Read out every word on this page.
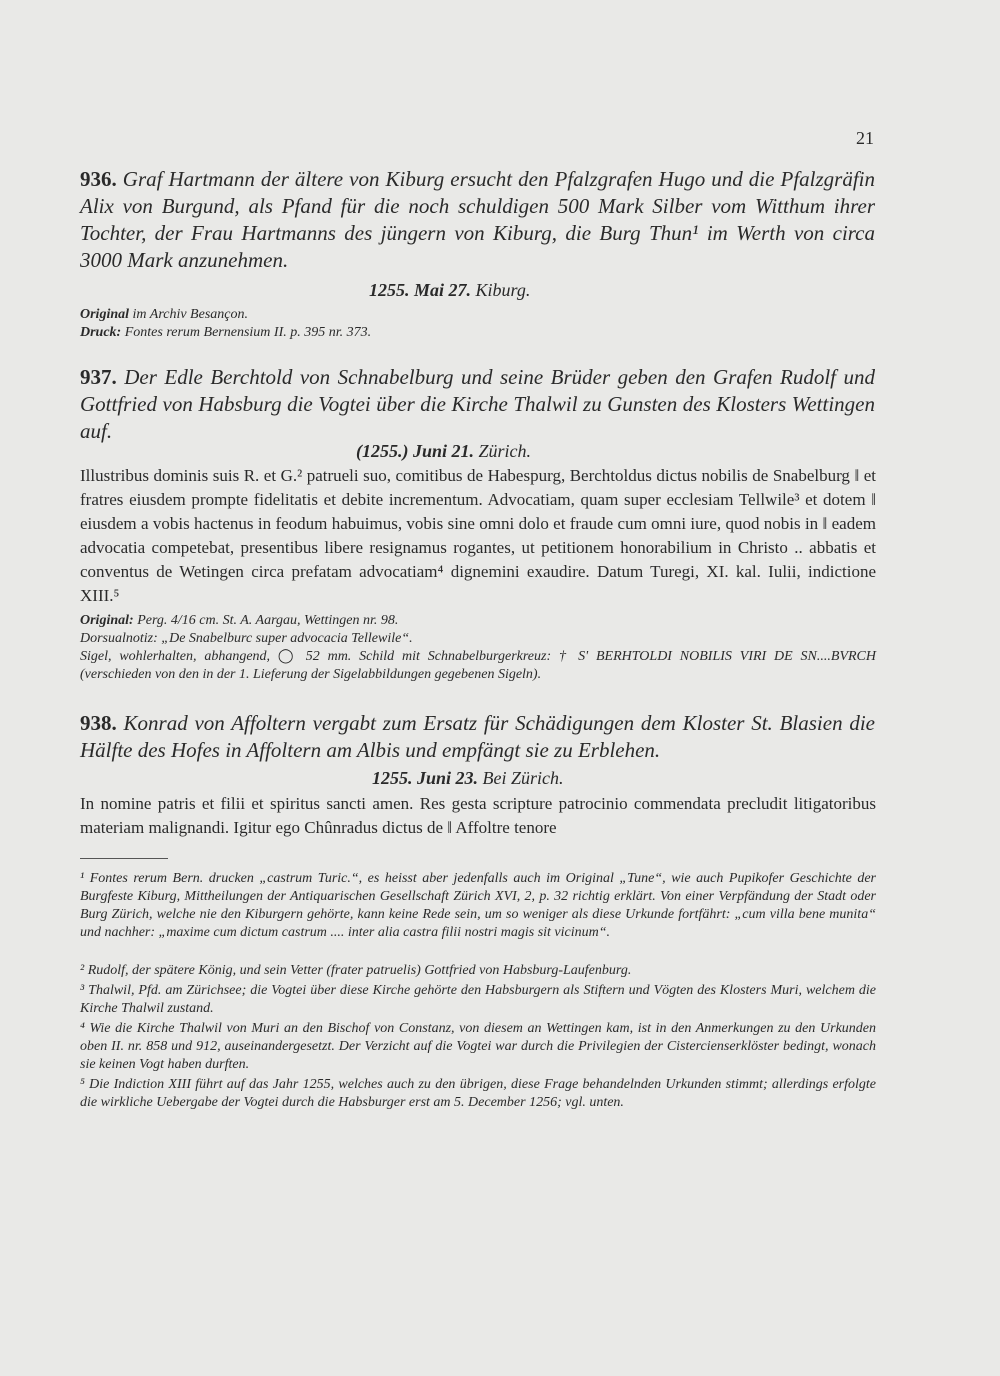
21
936. Graf Hartmann der ältere von Kiburg ersucht den Pfalzgrafen Hugo und die Pfalzgräfin Alix von Burgund, als Pfand für die noch schuldigen 500 Mark Silber vom Witthum ihrer Tochter, der Frau Hartmanns des jüngern von Kiburg, die Burg Thun¹ im Werth von circa 3000 Mark anzunehmen.
1255. Mai 27. Kiburg.
Original im Archiv Besançon.
Druck: Fontes rerum Bernensium II. p. 395 nr. 373.
937. Der Edle Berchtold von Schnabelburg und seine Brüder geben den Grafen Rudolf und Gottfried von Habsburg die Vogtei über die Kirche Thalwil zu Gunsten des Klosters Wettingen auf.
(1255.) Juni 21. Zürich.
Illustribus dominis suis R. et G.² patrueli suo, comitibus de Habespurg, Berchtoldus dictus nobilis de Snabelburg ‖ et fratres eiusdem prompte fidelitatis et debite incrementum. Advocatiam, quam super ecclesiam Tellwile³ et dotem ‖ eiusdem a vobis hactenus in feodum habuimus, vobis sine omni dolo et fraude cum omni iure, quod nobis in ‖ eadem advocatia competebat, presentibus libere resignamus rogantes, ut petitionem honorabilium in Christo .. abbatis et conventus de Wetingen circa prefatam advocatiam⁴ dignemini exaudire. Datum Turegi, XI. kal. Iulii, indictione XIII.⁵
Original: Perg. 4/16 cm. St. A. Aargau, Wettingen nr. 98.
Dorsualnotiz: „De Snabelburc super advocacia Tellewile“.
Sigel, wohlerhalten, abhangend, ◯ 52 mm. Schild mit Schnabelburgerkreuz: † S' BERHTOLDI NOBILIS VIRI DE SN....BVRCH (verschieden von den in der 1. Lieferung der Sigelabbildungen gegebenen Sigeln).
938. Konrad von Affoltern vergabt zum Ersatz für Schädigungen dem Kloster St. Blasien die Hälfte des Hofes in Affoltern am Albis und empfängt sie zu Erblehen.
1255. Juni 23. Bei Zürich.
In nomine patris et filii et spiritus sancti amen. Res gesta scripture patrocinio commendata precludit litigatoribus materiam malignandi. Igitur ego Chûnradus dictus de ‖ Affoltre tenore
¹ Fontes rerum Bern. drucken „castrum Turic.“, es heisst aber jedenfalls auch im Original „Tune“, wie auch Pupikofer Geschichte der Burgfeste Kiburg, Mittheilungen der Antiquarischen Gesellschaft Zürich XVI, 2, p. 32 richtig erklärt. Von einer Verpfändung der Stadt oder Burg Zürich, welche nie den Kiburgern gehörte, kann keine Rede sein, um so weniger als diese Urkunde fortfährt: „cum villa bene munita“ und nachher: „maxime cum dictum castrum .... inter alia castra filii nostri magis sit vicinum“.
² Rudolf, der spätere König, und sein Vetter (frater patruelis) Gottfried von Habsburg-Laufenburg.
³ Thalwil, Pfd. am Zürichsee; die Vogtei über diese Kirche gehörte den Habsburgern als Stiftern und Vögten des Klosters Muri, welchem die Kirche Thalwil zustand.
⁴ Wie die Kirche Thalwil von Muri an den Bischof von Constanz, von diesem an Wettingen kam, ist in den Anmerkungen zu den Urkunden oben II. nr. 858 und 912, auseinandergesetzt. Der Verzicht auf die Vogtei war durch die Privilegien der Cistercienserklöster bedingt, wonach sie keinen Vogt haben durften.
⁵ Die Indiction XIII führt auf das Jahr 1255, welches auch zu den übrigen, diese Frage behandelnden Urkunden stimmt; allerdings erfolgte die wirkliche Uebergabe der Vogtei durch die Habsburger erst am 5. December 1256; vgl. unten.
